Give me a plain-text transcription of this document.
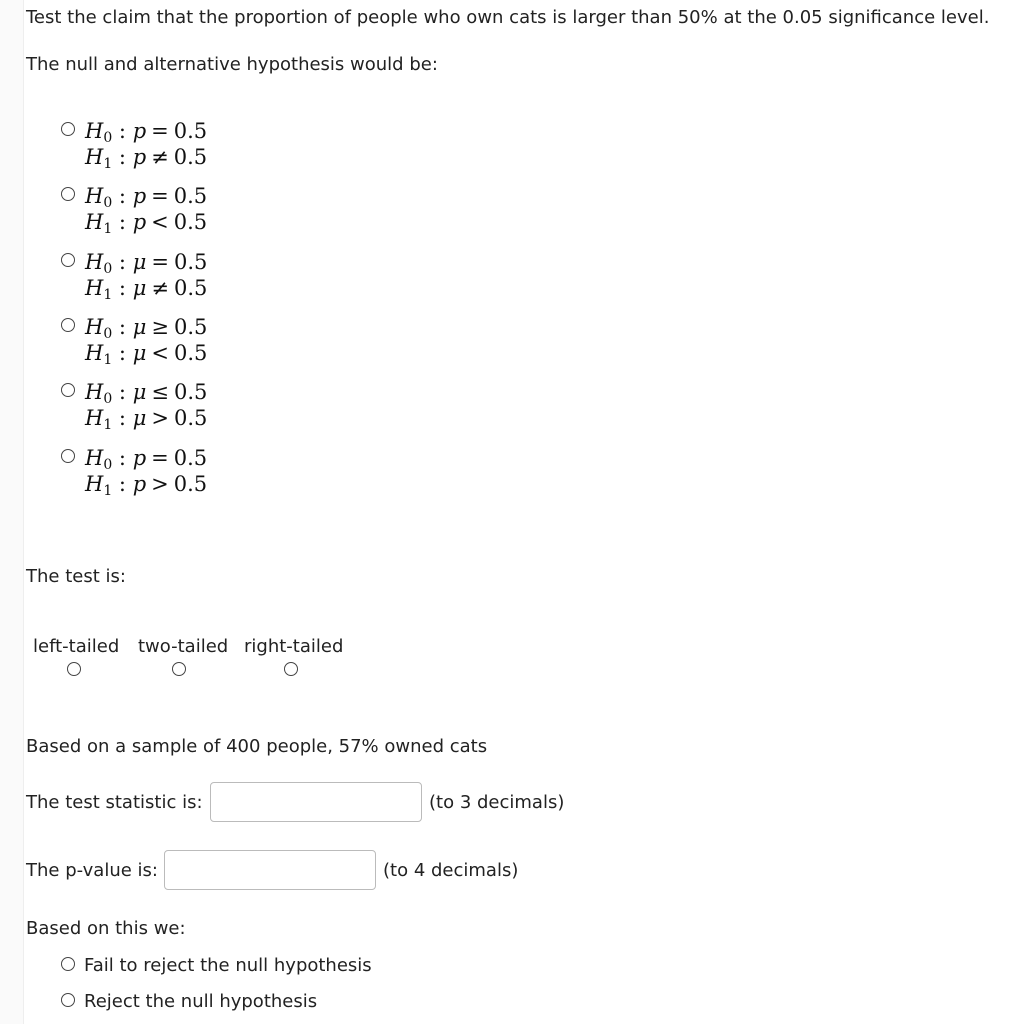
Test the claim that the proportion of people who own cats is larger than 50% at the 0.05 significance level.
The null and alternative hypothesis would be:
$H_0$ : p = 0.5
$H_1$ : p ≠ 0.5
$H_0$ : p = 0.5
$H_1$ : p < 0.5
$H_0$ : μ = 0.5
$H_1$ : μ ≠ 0.5
$H_0$ : μ ≥ 0.5
$H_1$ : μ < 0.5
$H_0$ : μ ≤ 0.5
$H_1$ : μ > 0.5
$H_0$ : p = 0.5
$H_1$ : p > 0.5
The test is:
left-tailed two-tailed right-tailed
Based on a sample of 400 people, 57% owned cats
The test statistic is:	(to 3 decimals)
The p-value is:	(to 4 decimals)
Based on this we:
Fail to reject the null hypothesis
Reject the null hypothesis
